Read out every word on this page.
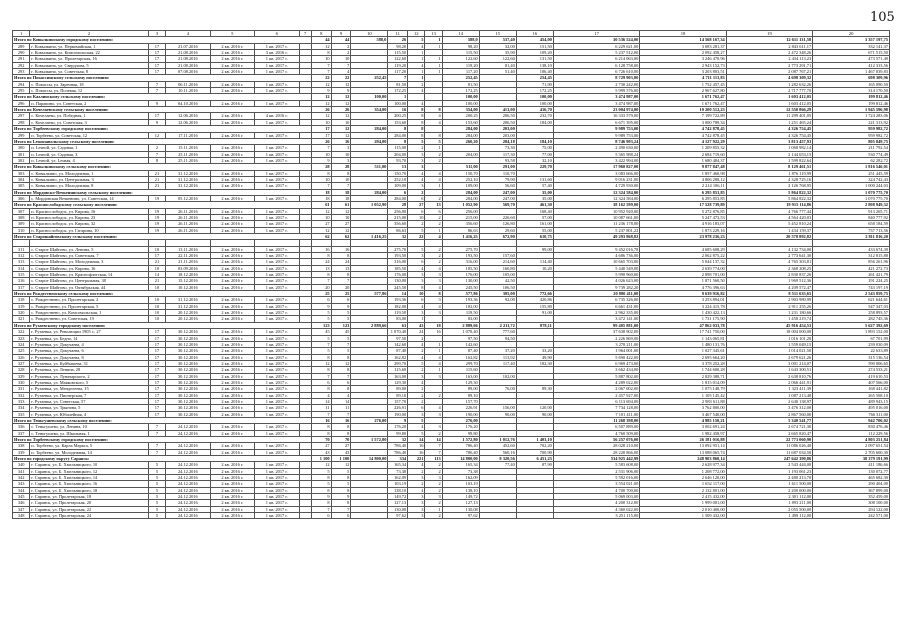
105
1	2	3	4	5	6	7	8	9	10	11	12	13	14	15	16	17	18	19	20
Итого по Ковылкинскому городскому поселению:							44	44	588,0	26	5	1	588,0	537,40	454,00	30 536 524,00	14 568 167,34	12 611 131,58	3 357 197,75
289	г. Ковылкино, ул. Первомайская, 1	17	21.07.2016	2 кв. 2016 г.	1 кв. 2017 г.		12	2		98,20	4	1	98,20	32,00	151,50	6 229 621,00	3 083 281,37	2 843 611,17	332 141,37
290	г. Ковылкино, ул. Комсомольская, 22	17	21.08.2016	2 кв. 2016 г.	3 кв. 2016 г.		8	2		115,50	1		115,50	35,90	109,20	5 237 512,00	2 092 458,27	2 472 348,26	671 515,50
291	г. Ковылкино, ул. Пролетарская, 16	17	21.08.2016	2 кв. 2016 г.	1 кв. 2017 г.		10	10		122,60	1	1	122,60	122,60	131,50	6 214 063,00	3 246 470,96	2 434 113,23	473 571,49
292	г. Ковылкино, ул. Свердлова, 5	17	21.08.2016	2 кв. 2016 г.	1 кв. 2017 г.		7	7		119,20	4	1	119,20	81,40	138,10	6 128 758,00	2 943 152,73	2 773 291,71	412 313,56
293	г. Ковылкино, ул. Советская, 8	17	07.08.2016	2 кв. 2016 г.	1 кв. 2017 г.		7	4		117,20	1	1	117,20	51,40	106,40	6 726 610,00	3 203 803,51	2 087 767,21	1 467 039,83
Итого по Покассинскому сельскому поселению:							22	22	252,45	7	1		252,45		254,45	8 729 903,00	4 711 113,83	4 698 309,32	698 309,96
294	с. Покассы, ул. Заречная, 18	7	06.11.2016	2 кв. 2016 г.	1 кв. 2017 г.		12	12		81,50	2		81,50		71,90	2 730 242,00	1 752 457,45	1 282 632,26	165 090,50
295	с. Покассы, ул. Полевая, 12	7	10.11.2016	2 кв. 2016 г.	1 кв. 2017 г.		9	9		172,25	4		172,25		172,25	5 999 576,00	2 967 627,80	2 717 777,70	314 170,50
Итого по Kazлинскому сельскому поселению:							12	12	100,00	1			100,00		100,00	3 474 987,00	1 671 762,47	1 603 412,05	199 812,46
296	п. Парапино, ул. Советская, 2	9	04.10.2016	2 кв. 2016 г.	1 кв. 2017 г.		12	12		100,00	4		100,00		100,00	3 474 987,00	1 671 762,47	1 603 412,05	199 812,46
Итого по Кочелаевскому сельскому поселению:							26	26	354,00	16	8	8	354,00	413,00	416,70	23 004 974,00	10 200 512,23	12 550 866,29	1 945 596,98
297	с. Кочелаево, ул. Победная, 1	17	12.06.2016	2 кв. 2016 г.	4 кв. 2016 г.		12	12		200,25	8	4	200,25	206,50	232,70	16 333 579,00	7 199 722,89	11 299 401,05	1 724 283,06
298	с. Кочелаево, ул. Советская, 3	9	12.06.2016	2 кв. 2016 г.	1 кв. 2017 г.		10	10		153,60	8	4	153,60	206,50	184,00	6 671 395,00	3 000 789,34	1 251 465,24	221 313,92
Итого по Торбеевскому городскому поселению:							17	12	284,00	8	8		284,00	203,00		9 989 753,00	4 742 878,45	4 326 754,45	959 982,72
299	п. Торбеево, ул. Советская, 12	12	17.11.2016	2 кв. 2016 г.	1 кв. 2017 г.		17	12		284,00	8	8	284,00	203,00		9 989 753,00	4 742 878,45	4 326 754,45	959 982,72
Итого по Lesнозавольскому сельскому поселению:							26	16	294,00	8	5	5	260,20	284,18	184,10	8 746 993,24	4 127 922,29	3 813 457,93	805 849,75
300	п. Lesной, ул. Садовая, 1	2	15.11.2016	2 кв. 2016 г.	1 кв. 2017 г.		7	3		115,00	2	1		73,30	75,00	2 490 630,00	1 209 855,32	1 068 982,14	211 792,54
301	п. Lesной, ул. Садовая, 3	7	25.11.2016	2 кв. 2016 г.	1 кв. 2017 г.		10	10		204,00	3	2	204,00	117,30	77,00	5 365 988,24	2 684 719,60	2 144 653,15	530 774,49
302	п. Lesной, ул. Lesная, 4	8	25.11.2016	2 кв. 2016 г.	1 кв. 2017 г.		9	3		93,70	3	2		93,58	32,10	3 422 994,00	1 680 484,37	1 599 822,64	62 282,72
Итого по Ковылкинскому сельскому поселению:							28	28	511,00	13	3		511,00	291,00	229,70	17 960 827,00	9 877 847,48	8 129 461,51	1 816 546,01
303	с. Ковылкино, ул. Молодежная, 1	21	31.12.2016	2 кв. 2016 г.	1 кв. 2017 г.		8	8		150,70	4	4	150,70	110,70		3 083 666,00	1 857 460,98	1 876 119,99	251 445,59
304	с. Ковылкино, ул. Центральная, 3	21	31.12.2016	2 кв. 2016 г.	1 кв. 2017 г.		10	10		252,10	4	4	252,10	79,90	131,60	9 016 231,00	4 806 280,12	4 328 725,16	324 742,43
305	с. Ковылкино, ул. Молодежная, 8	21	31.12.2016	2 кв. 2016 г.	1 кв. 2017 г.		7	7		109,00	3	1	109,00	56,60	57,40	4 729 930,00	2 214 106,11	2 126 768,95	1 000 244,03
Итого по Мордовско-Вечкенинскому сельскому поселению:							18	18	284,00	6	2		284,00	247,00	35,00	12 324 584,00	6 295 853,85	5 864 822,32	1 070 775,70
306	с. Мордовская Вечкенино, ул. Советская, 14	19	05.12.2016	2 кв. 2016 г.	1 кв. 2017 г.		18	18		284,00	6	2	284,00	247,00	35,00	12 324 584,00	6 295 853,85	5 864 822,32	1 070 775,70
Итого по Краснослободскому сельскому поселению:							61	61	1 052,90	28	27	13	1 052,90	569,70	461,30	38 162 599,00	17 528 739,89	19 915 114,86	2 808 949,32
307	п. Краснослободск, ул. Кирова, 16	19	26.11.2016	2 кв. 2016 г.	1 кв. 2017 г.		12	12		256,00	6	6	256,00		168,40	10 952 920,00	5 272 876,85	4 766 777,44	913 265,71
308	п. Краснослободск, ул. Кирова, 23	19	26.11.2016	2 кв. 2016 г.	1 кв. 2017 г.		10	10		215,00	10	2	215,00	226,60	57,00	10 087 661,00	5 247 473,53	4 564 420,03	840 777,92
309	п. Краснослободск, ул. Кирова, 32	19	26.11.2016	2 кв. 2016 г.	1 кв. 2017 г.		27	27		356,60	2	2	356,60	126,80	161,00	11 236 178,00	4 916 183,07	5 452 810,24	658 184,59
310	п. Краснослободск, ул. Гагарина, 10	19	26.11.2016	2 кв. 2016 г.	1 кв. 2017 г.		12	12		86,63	5	1	86,63	29,60	55,00	5 237 801,22	1 873 229,16	1 434 159,37	737 713,56
Итого по Старошайговскому сельскому поселению:							62	62	1 416,25	32	22	4	1 416,25	672,90	610,75	49 293 868,82	23 978 236,23	20 578 892,82	2 811 816,20

311	с. Старое Шайгово, ул. Ленина, 5	10	13.11.2016	2 кв. 2016 г.	1 кв. 2017 г.		16	16		275,70	5	2	275,70		99,00	9 452 016,78	4 685 608,29	4 132 734,00	433 674,39
312	с. Старое Шайгово, ул. Советская, 7	17	22.11.2016	2 кв. 2016 г.	1 кв. 2017 г.		8	8		193,50	3	2	193,50	157,60		4 686 736,00	2 062 875,22	2 773 641,30	312 815,88
313	с. Старое Шайгово, ул. Молодежная, 3	21	21.11.2016	2 кв. 2016 г.	1 кв. 2017 г.		24	24		316,00	6	2	316,00	214,60	114,40	10 665 703,00	5 044 137,32	4 765 303,81	856 261,96
314	с. Старое Шайгово, ул. Кирова, 16	10	03.09.2016	2 кв. 2016 г.	1 кв. 2017 г.		13	13		185,50	4	4	185,50	160,80	10,20	5 440 549,00	2 639 774,00	2 368 208,25	421 272,73
315	с. Старое Шайгово, ул. Краснофлотская, 14	14	18.12.2016	2 кв. 2016 г.	1 кв. 2017 г.		8	8		176,00	3	3	176,00	105,00		5 990 960,00	2 898 701,00	2 830 837,26	261 421,79
316	с. Старое Шайгово, ул. Центральная, 38	21	15.12.2016	2 кв. 2016 г.	1 кв. 2017 г.		7	7		130,00	3	3	130,00	42,50		4 026 623,00	1 871 560,50	1 969 512,36	191 224,25
317	с. Старое Шайгово, ул. Октябрьская, 44	10	10.12.2016	2 кв. 2016 г.	1 кв. 2017 г.		20	20		245,50	8	4	245,50	106,50		9 739 282,20	4 776 396,63	4 209 572,47	743 197,19
Итого по Рождественскому сельскому поселению:							25	25	577,86	14	10	8	577,86	395,00	772,66	20 880 411,00	9 639 916,82	8 511 635,65	2 543 859,75
318	с. Рождествено, ул. Пролетарская, 2	10	31.12.2016	2 кв. 2016 г.	1 кв. 2017 г.		6	6		193,36	6	3	193,36	92,00	420,86	6 735 326,00	3 253 894,01	2 903 980,99	621 644,61
319	с. Рождествено, ул. Пролетарская, 5	10	31.12.2016	2 кв. 2016 г.	1 кв. 2017 г.		9	9		182,00	4	4	182,00		155,80	6 661 431,00	3 224 415,78	2 911 255,26	547 347,03
320	с. Рождествено, ул. Комсомольская, 1	10	20.12.2016	2 кв. 2016 г.	1 кв. 2017 г.		5	5		119,50	3	3	119,50		91,00	2 962 335,00	1 430 422,13	1 231 180,66	258 893,57
321	с. Рождествено, ул. Советская, 19	10	20.12.2016	2 кв. 2016 г.	1 кв. 2017 г.		5	5		83,00	1		83,00			3 472 141,00	1 731 175,90	1 458 219,74	282 745,36
Итого по Рузаевскому городскому поселению:							123	123	2 889,66	63	43	18	2 889,66	2 211,72	878,11	99 405 881,00	47 862 033,78	45 916 454,53	5 627 392,69
322	г. Рузаевка, ул. Революции 1905 г., 27	17	30.12.2016	2 кв. 2016 г.	1 кв. 2017 г.		45	45		1 070,40	24	16	1 070,40	777,60		37 638 902,00	17 741 750,00	18 004 000,00	1 893 152,00
323	г. Рузаевка, ул. Бедно, 14	17	30.12.2016	2 кв. 2016 г.	1 кв. 2017 г.		5	5		97,50	2		97,50	94,50		2 226 869,00	1 143 065,81	1 016 101,20	67 701,99
324	г. Рузаевка, ул. Докучаева, 4	17	30.12.2016	2 кв. 2016 г.	1 кв. 2017 г.		7	7		142,60	4	1	142,60			3 278 211,00	1 480 131,76	1 559 049,15	239 030,09
325	г. Рузаевка, ул. Докучаева, 6	17	30.12.2016	2 кв. 2016 г.	1 кв. 2017 г.		5	5		87,40	2	1	87,40	37,20	33,20	1 964 001,00	1 027 345,61	1 014 021,50	22 633,89
326	г. Рузаевка, ул. Докучаева, 8	17	30.12.2016	2 кв. 2016 г.	1 кв. 2017 г.		8	8		162,82	4	4	162,82	113,92	49,90	5 690 422,00	2 695 664,20	2 679 621,26	315 136,54
327	г. Рузаевка, ул. Куйбышева, 31	17	30.12.2016	2 кв. 2016 г.	1 кв. 2017 г.		12	12		299,70	5	4	299,70	117,40	182,30	6 969 473,00	3 378 252,28	3 001 214,07	590 006,65
328	г. Рузаевка, ул. Ленина, 28	17	30.12.2016	2 кв. 2016 г.	1 кв. 2017 г.		8	8		115,60	2	1	115,60			3 662 434,00	1 744 600,28	1 643 300,51	274 533,21
329	г. Рузаевка, ул. Луначарского, 2	17	30.12.2016	2 кв. 2016 г.	1 кв. 2017 г.		7	7		163,00	3	3	163,00	102,00		5 887 802,00	2 829 380,71	2 638 810,76	419 610,53
330	г. Рузаевка, ул. Маяковского, 5	17	30.12.2016	2 кв. 2016 г.	1 кв. 2017 г.		6	6		129,30	4		129,30			4 289 022,00	1 815 014,09	2 066 441,91	407 566,00
331	г. Рузаевка, ул. Менделеева, 15	17	30.12.2016	2 кв. 2016 г.	1 кв. 2017 г.		8	8		89,00	2		89,00	76,00	89,30	2 067 002,00	1 075 148,79	1 323 411,39	168 441,82
332	г. Рузаевка, ул. Пионерская, 7	17	30.12.2016	2 кв. 2016 г.	1 кв. 2017 г.		4	4		89,10	2	2	89,10			2 457 927,00	1 105 145,42	1 087 213,48	265 568,10
333	г. Рузаевка, ул. Советская, 57	17	30.12.2016	2 кв. 2016 г.	1 кв. 2017 г.		14	14		157,70	2		157,70			6 113 694,00	2 983 611,88	2 640 138,97	489 943,15
334	г. Рузаевка, ул. Трынова, 5	17	30.12.2016	2 кв. 2016 г.	1 кв. 2017 г.		11	11		226,91	6	4	226,91	156,00	120,00	7 734 128,00	3 762 800,00	3 476 312,00	495 016,00
335	г. Рузаевка, ул. Юбилейная, 4	17	30.12.2016	2 кв. 2016 г.	1 кв. 2017 г.		7	7		190,00	3	3	190,00	90,00	90,00	7 101 411,00	3 467 540,00	2 867 560,00	766 311,00
Итого по Теньгушевскому сельскому поселению:							16	16	276,00	9	5		276,00			11 268 398,00	4 985 150,21	5 340 541,77	942 706,02
336	с. Теньгушево, ул. Ленина, 10	7	24.12.2016	2 кв. 2016 г.	1 кв. 2017 г.		8	8		176,20	4	3	176,20			6 507 889,00	3 002 691,24	2 674 721,30	830 476,46
337	с. Теньгушево, ул. Школьная, 1	7	24.12.2016	2 кв. 2016 г.	1 кв. 2017 г.		8	8		99,80	5	2	99,80			4 760 509,00	1 982 458,97	2 665 820,47	112 229,56
Итого по Торбеевскому городскому поселению:							70	70	1 572,80	32	14	14	1 572,80	1 012,76	1 403,10	56 257 076,00	26 181 016,88	22 773 060,90	4 803 251,84
338	п. Торбеево, ул. Карла Маркса, 5	7	24.12.2016	2 кв. 2016 г.	1 кв. 2017 г.		27	27		786,40	16	7	786,40	452,60	702,20	28 028 210,00	13 092 951,14	11 086 026,40	2 097 651,54
339	п. Торбеево, ул. Молодежная, 14	7	24.12.2016	2 кв. 2016 г.	1 кв. 2017 г.		43	43		786,40	16	7	786,40	560,16	700,90	28 228 866,00	13 088 065,74	11 687 034,50	2 705 600,30
Итого по городскому округу Саранск:							1 100	1 100	14 800,00	334	221	113	14 800,00	8 320,56	6 451,23	534 925 442,99	248 903 860,14	247 642 390,86	38 379 191,99
340	г. Саранск, ул. Б. Хмельницкого, 10	5	24.12.2016	2 кв. 2016 г.	1 кв. 2017 г.		12	12		165,34	4	2	165,34	77,40	87,90	5 583 608,00	2 628 977,34	2 543 444,00	411 186,66
341	г. Саранск, ул. Б. Хмельницкого, 12	5	24.12.2016	2 кв. 2016 г.	1 кв. 2017 г.		5	5		73,38	2	2	73,38			2 531 906,00	1 208 772,00	1 193 061,23	130 072,77
342	г. Саранск, ул. Б. Хмельницкого, 14	5	24.12.2016	2 кв. 2016 г.	1 кв. 2017 г.		8	8		162,09	3	3	162,09			5 592 016,00	2 646 120,00	2 480 213,70	465 682,30
343	г. Саранск, ул. Б. Хмельницкого, 16	5	24.12.2016	2 кв. 2016 г.	1 кв. 2017 г.		5	5		103,19	2	2	103,19			3 554 021,00	1 652 117,00	1 611 500,00	290 404,00
344	г. Саранск, ул. Б. Хмельницкого, 18	5	24.12.2016	2 кв. 2016 г.	1 кв. 2017 г.		8	8		138,10	4	2	138,10			4 700 700,00	2 132 801,00	2 200 000,00	367 899,00
345	г. Саранск, ул. Пролетарская, 18	5	24.12.2016	2 кв. 2016 г.	1 кв. 2017 г.		9	9		149,72	3	3	149,72			5 069 003,00	2 415 432,00	2 301 112,00	352 459,00
346	г. Саранск, ул. Пролетарская, 20	5	24.12.2016	2 кв. 2016 г.	1 кв. 2017 г.		8	8		127,13	3	2	127,13			4 200 312,00	1 999 001,00	1 893 211,00	308 100,00
347	г. Саранск, ул. Пролетарская, 22	5	24.12.2016	2 кв. 2016 г.	1 кв. 2017 г.		7	7		130,08	3	1	130,08			4 360 022,00	2 010 400,00	2 055 500,00	294 122,00
348	г. Саранск, ул. Пролетарская, 24	5	24.12.2016	2 кв. 2016 г.	1 кв. 2017 г.		6	6		97,62	3	2	97,62			3 251 115,00	1 509 432,00	1 499 112,00	242 571,00
